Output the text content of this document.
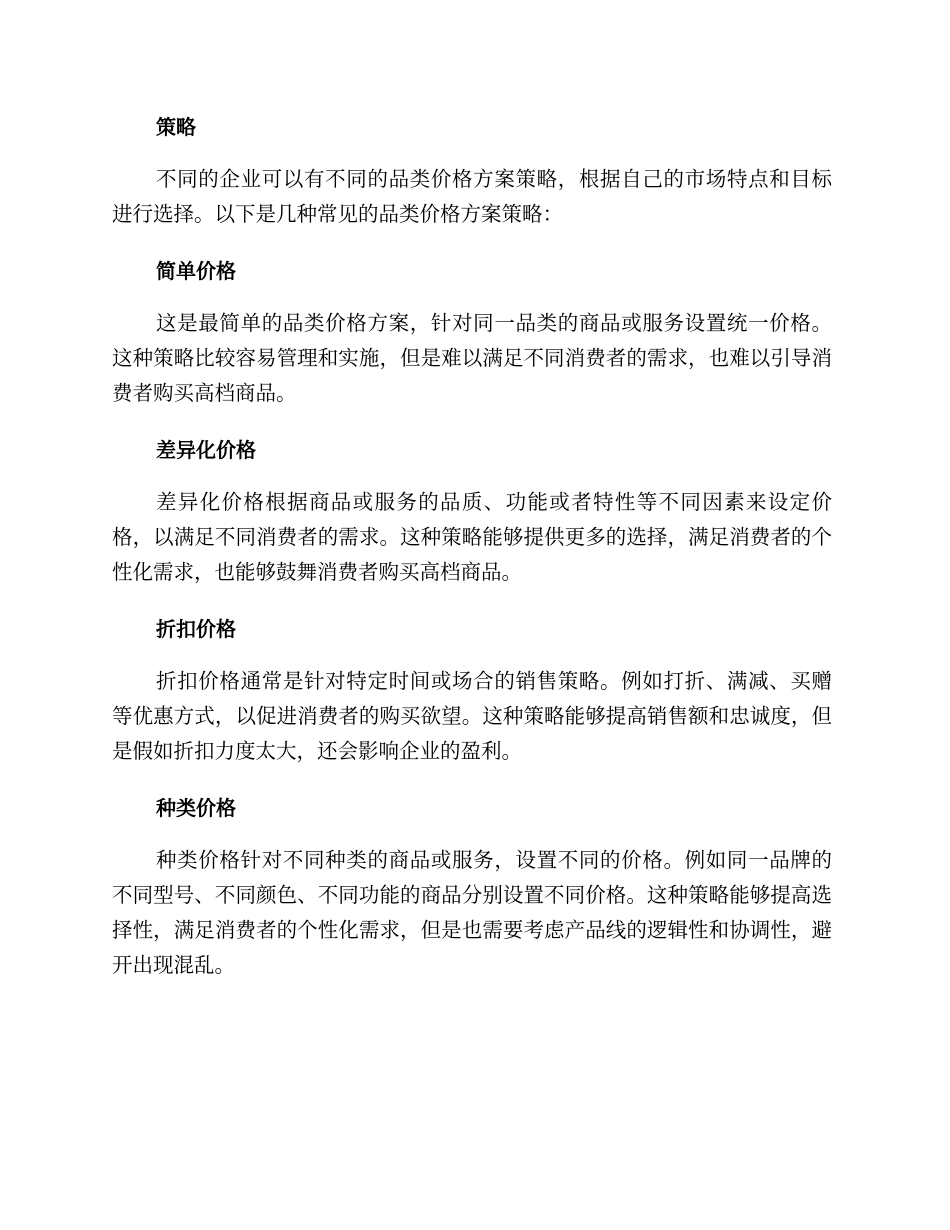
策略

不同的企业可以有不同的品类价格方案策略，根据自己的市场特点和目标进行选择。以下是几种常见的品类价格方案策略：

简单价格

这是最简单的品类价格方案，针对同一品类的商品或服务设置统一价格。这种策略比较容易管理和实施，但是难以满足不同消费者的需求，也难以引导消费者购买高档商品。

差异化价格

差异化价格根据商品或服务的品质、功能或者特性等不同因素来设定价格，以满足不同消费者的需求。这种策略能够提供更多的选择，满足消费者的个性化需求，也能够鼓舞消费者购买高档商品。

折扣价格

折扣价格通常是针对特定时间或场合的销售策略。例如打折、满减、买赠等优惠方式，以促进消费者的购买欲望。这种策略能够提高销售额和忠诚度，但是假如折扣力度太大，还会影响企业的盈利。

种类价格

种类价格针对不同种类的商品或服务，设置不同的价格。例如同一品牌的不同型号、不同颜色、不同功能的商品分别设置不同价格。这种策略能够提高选择性，满足消费者的个性化需求，但是也需要考虑产品线的逻辑性和协调性，避开出现混乱。
